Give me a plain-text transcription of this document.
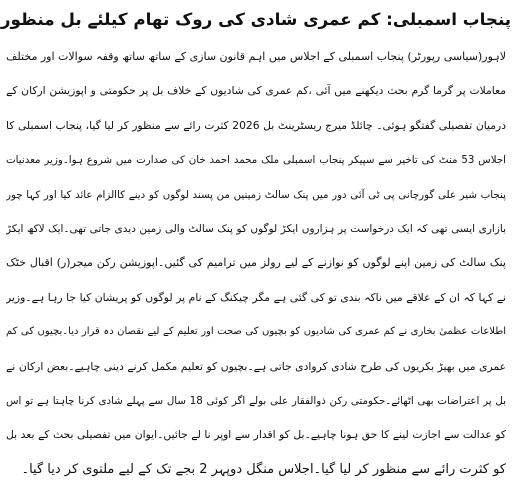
پنجاب اسمبلی: کم عمری شادی کی روک تھام کیلئے بل منظور
لاہور(سیاسی رپورٹر) پنجاب اسمبلی کے اجلاس میں اہم قانون سازی کے ساتھ ساتھ وقفہ سوالات اور مختلف
معاملات پر گرما گرم بحث دیکھنے میں آئی ،کم عمری کی شادیوں کے خلاف بل پر حکومتی و اپوزیشن ارکان کے
درمیان تفصیلی گفتگو ہوئی۔ چائلڈ میرج ریسٹرینٹ بل 2026 کثرت رائے سے منظور کر لیا گیا، پنجاب اسمبلی کا
اجلاس 53 منٹ کی تاخیر سے سپیکر پنجاب اسمبلی ملک محمد احمد خان کی صدارت میں شروع ہوا۔وزیر معدنیات
پنجاب شیر علی گورچانی پی ٹی آئی دور میں پنک سالٹ زمینیں من پسند لوگوں کو دینے کاالزام عائد کیا اور کہا چور
بازاری ایسی تھی کہ ایک درخواست پر ہزاروں ایکڑ لوگوں کو پنک سالٹ والی زمین دیدی جاتی تھی۔ایک لاکھ ایکڑ
پنک سالٹ کی زمین اپنے لوگوں کو نوازنے کے لیے رولز میں ترامیم کی گئیں۔اپوزیشن رکن میجر(ر) اقبال خٹک
نے کہا کہ ان کے علاقے میں ناکہ بندی تو کی گئی ہے مگر چیکنگ کے نام پر لوگوں کو پریشان کیا جا رہا ہے۔وزیر
اطلاعات عظمیٰ بخاری نے کم عمری کی شادیوں کو بچیوں کی صحت اور تعلیم کے لیے نقصان دہ قرار دیا۔بچیوں کی کم
عمری میں بھیڑ بکریوں کی طرح شادی کروادی جاتی ہے۔بچیوں کو تعلیم مکمل کرنے دینی چاہیے۔بعض ارکان نے
بل پر اعتراضات بھی اٹھائے۔حکومتی رکن ذوالفقار علی بولے اگر کوئی 18 سال سے پہلے شادی کرنا چاہتا ہے تو اس
کو عدالت سے اجازت لینے کا حق ہونا چاہیے۔بل کو اقدار سے اوپر نا لے جائیں۔ایوان میں تفصیلی بحث کے بعد بل
کو کثرت رائے سے منظور کر لیا گیا۔اجلاس منگل دوپہر 2 بجے تک کے لیے ملتوی کر دیا گیا۔
